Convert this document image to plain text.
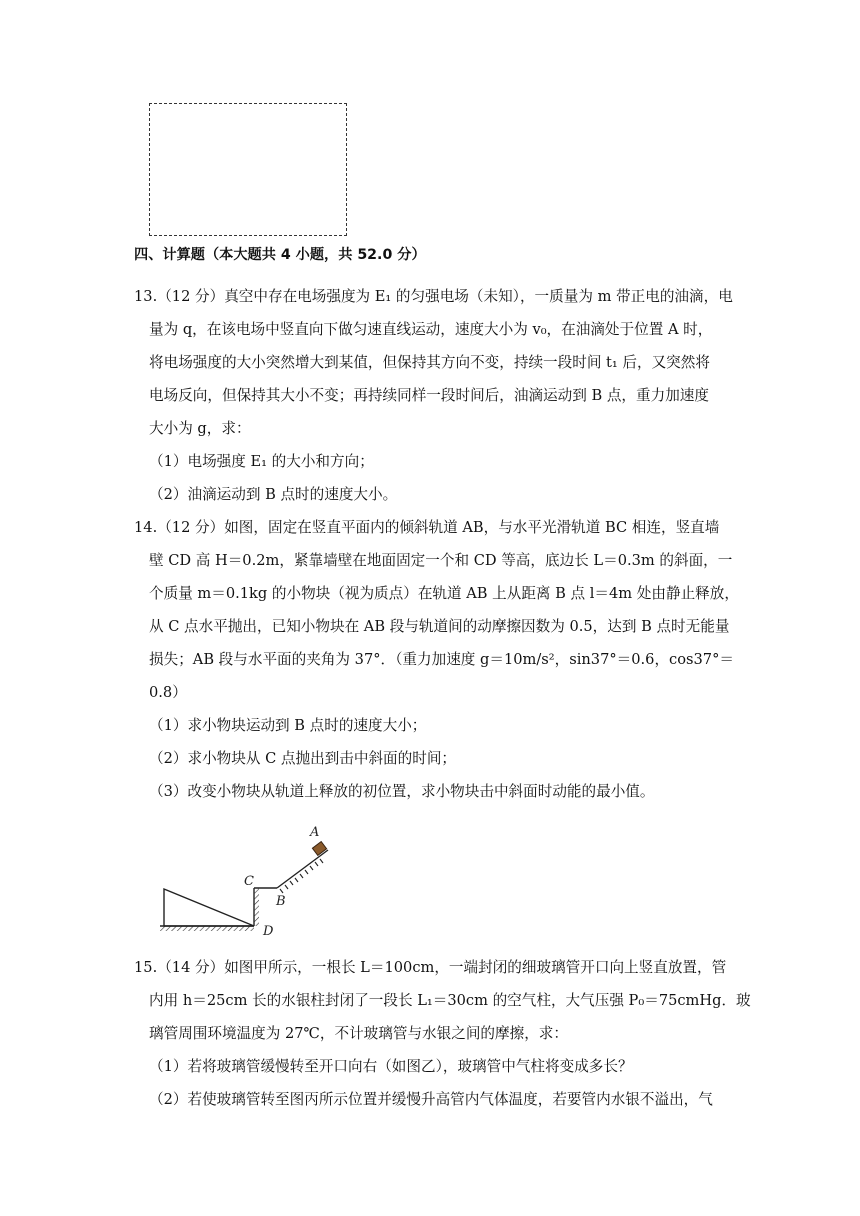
四、计算题（本大题共 4 小题，共 52.0 分）
13.（12 分）真空中存在电场强度为 E₁ 的匀强电场（未知），一质量为 m 带正电的油滴，电
量为 q，在该电场中竖直向下做匀速直线运动，速度大小为 v₀，在油滴处于位置 A 时，
将电场强度的大小突然增大到某值，但保持其方向不变，持续一段时间 t₁ 后，又突然将
电场反向，但保持其大小不变；再持续同样一段时间后，油滴运动到 B 点，重力加速度
大小为 g，求：
（1）电场强度 E₁ 的大小和方向；
（2）油滴运动到 B 点时的速度大小。
14.（12 分）如图，固定在竖直平面内的倾斜轨道 AB，与水平光滑轨道 BC 相连，竖直墙
壁 CD 高 H＝0.2m，紧靠墙壁在地面固定一个和 CD 等高，底边长 L＝0.3m 的斜面，一
个质量 m＝0.1kg 的小物块（视为质点）在轨道 AB 上从距离 B 点 l＝4m 处由静止释放，
从 C 点水平抛出，已知小物块在 AB 段与轨道间的动摩擦因数为 0.5，达到 B 点时无能量
损失；AB 段与水平面的夹角为 37°．（重力加速度 g＝10m/s²，sin37°＝0.6，cos37°＝
0.8）
（1）求小物块运动到 B 点时的速度大小；
（2）求小物块从 C 点抛出到击中斜面的时间；
（3）改变小物块从轨道上释放的初位置，求小物块击中斜面时动能的最小值。
A
C
B
D
15.（14 分）如图甲所示，一根长 L＝100cm，一端封闭的细玻璃管开口向上竖直放置，管
内用 h＝25cm 长的水银柱封闭了一段长 L₁＝30cm 的空气柱，大气压强 P₀＝75cmHg．玻
璃管周围环境温度为 27℃，不计玻璃管与水银之间的摩擦，求：
（1）若将玻璃管缓慢转至开口向右（如图乙），玻璃管中气柱将变成多长？
（2）若使玻璃管转至图丙所示位置并缓慢升高管内气体温度，若要管内水银不溢出，气
